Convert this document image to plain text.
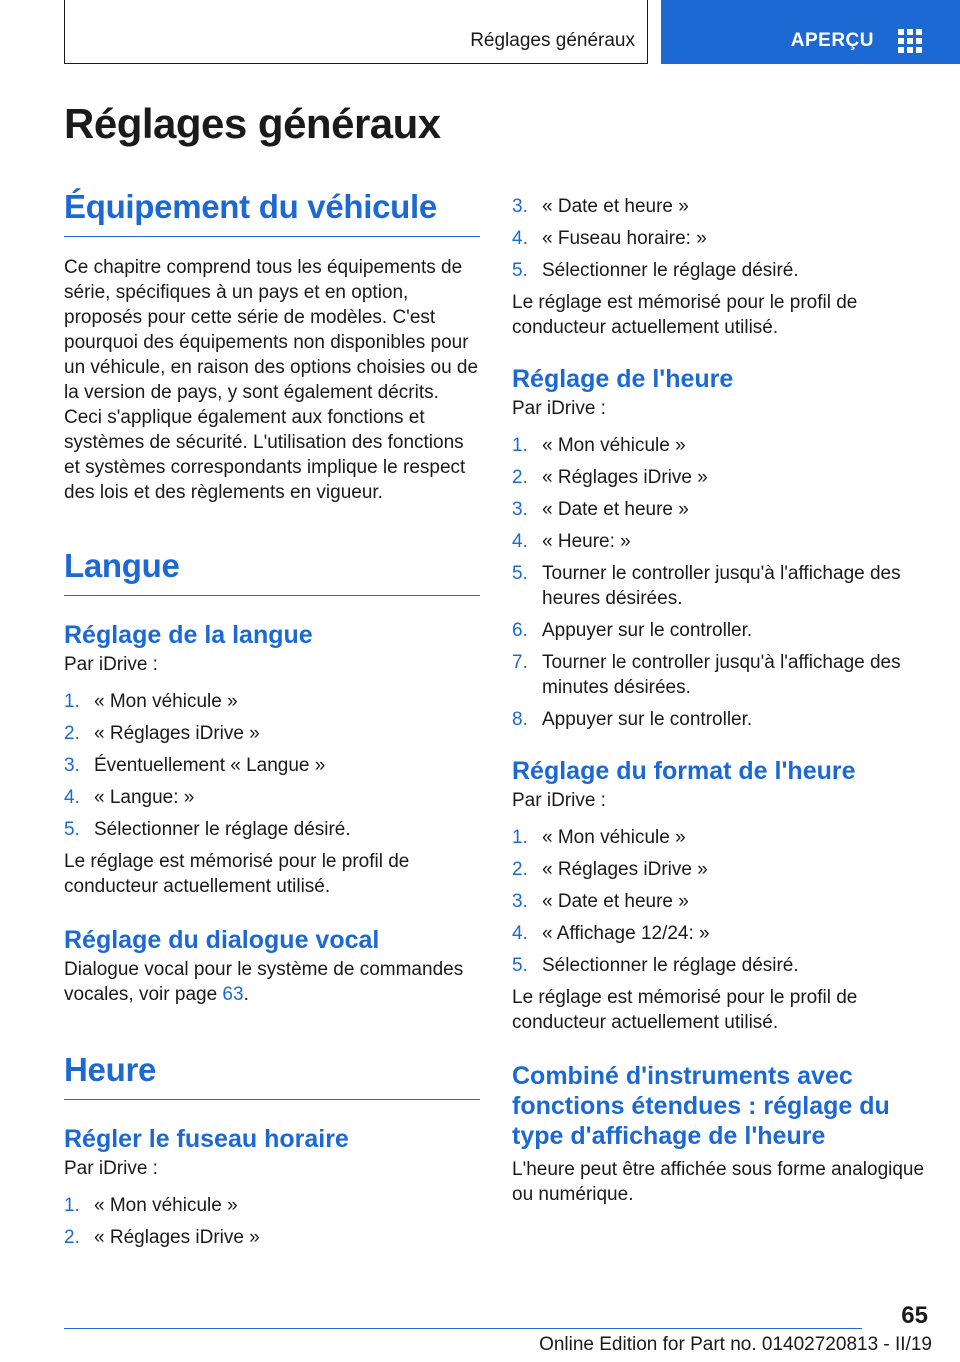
Réglages généraux	APERÇU
Réglages généraux
Équipement du véhicule

Ce chapitre comprend tous les équipements de série, spécifiques à un pays et en option, proposés pour cette série de modèles. C'est pourquoi des équipements non disponibles pour un véhicule, en raison des options choisies ou de la version de pays, y sont également décrits. Ceci s'applique également aux fonctions et systèmes de sécurité. L'utilisation des fonctions et systèmes correspondants implique le respect des lois et des règlements en vigueur.

Langue
Réglage de la langue

Par iDrive :

1. « Mon véhicule »
2. « Réglages iDrive »
3. Éventuellement « Langue »
4. « Langue: »
5. Sélectionner le réglage désiré.

Le réglage est mémorisé pour le profil de conducteur actuellement utilisé.

Réglage du dialogue vocal

Dialogue vocal pour le système de commandes vocales, voir page 63.

Heure
Régler le fuseau horaire

Par iDrive :

1. « Mon véhicule »
2. « Réglages iDrive »
3. « Date et heure »
4. « Fuseau horaire: »
5. Sélectionner le réglage désiré.

Le réglage est mémorisé pour le profil de conducteur actuellement utilisé.

Réglage de l'heure

Par iDrive :

1. « Mon véhicule »
2. « Réglages iDrive »
3. « Date et heure »
4. « Heure: »
5. Tourner le controller jusqu'à l'affichage des heures désirées.
6. Appuyer sur le controller.
7. Tourner le controller jusqu'à l'affichage des minutes désirées.
8. Appuyer sur le controller.
Réglage du format de l'heure

Par iDrive :

1. « Mon véhicule »
2. « Réglages iDrive »
3. « Date et heure »
4. « Affichage 12/24: »
5. Sélectionner le réglage désiré.

Le réglage est mémorisé pour le profil de conducteur actuellement utilisé.

Combiné d'instruments avec fonctions étendues : réglage du type d'affichage de l'heure

L'heure peut être affichée sous forme analogique ou numérique.

65
Online Edition for Part no. 01402720813 - II/19
